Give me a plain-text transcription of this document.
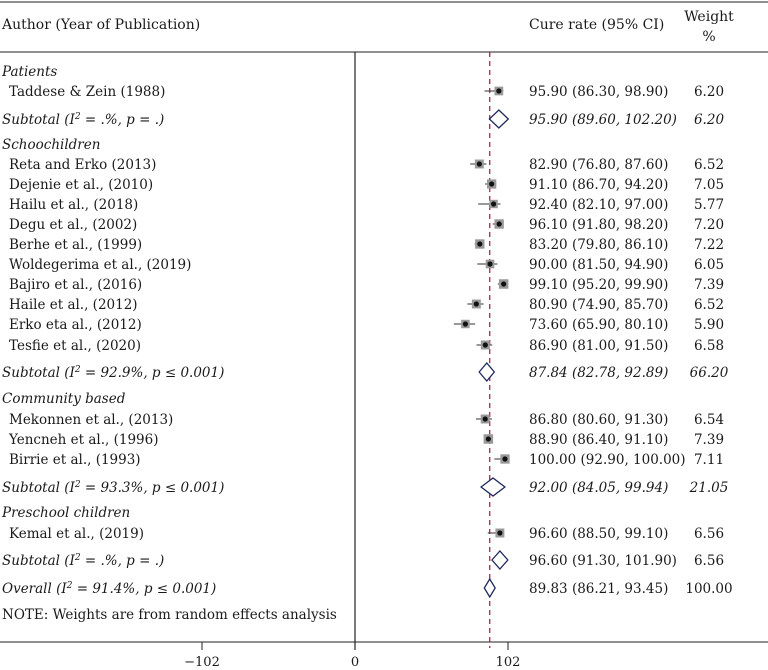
Author (Year of Publication)	Cure rate (95% CI) Weight
%
Patients
Taddese & Zein (1988)	95.90 (86.30, 98.90) 6.20
Subtotal ($I^2$ = .%, p = .)	95.90 (89.60, 102.20) 6.20
Schoochildren
Reta and Erko (2013)	82.90 (76.80, 87.60) 6.52
Dejenie et al., (2010)	91.10 (86.70, 94.20) 7.05
Hailu et al., (2018)	92.40 (82.10, 97.00) 5.77
Degu et al., (2002)	96.10 (91.80, 98.20) 7.20
Berhe et al., (1999)	83.20 (79.80, 86.10) 7.22
Woldegerima et al., (2019)	90.00 (81.50, 94.90) 6.05
Bajiro et al., (2016)	99.10 (95.20, 99.90) 7.39
Haile et al., (2012)	80.90 (74.90, 85.70) 6.52
Erko eta al., (2012)	73.60 (65.90, 80.10) 5.90
Tesfie et al., (2020)	86.90 (81.00, 91.50) 6.58
Subtotal ($I^2 = 92.9\%$, p ≤ 0.001)	87.84 (82.78, 92.89) 66.20
Community based
Mekonnen et al., (2013)	86.80 (80.60, 91.30) 6.54
Yencneh et al., (1996)	88.90 (86.40, 91.10) 7.39
Birrie et al., (1993)	100.00 (92.90, 100.00) 7.11
Subtotal ($I^2 = 93.3\%$, p ≤ 0.001)	92.00 (84.05, 99.94) 21.05
Preschool children
Kemal et al., (2019)	96.60 (88.50, 99.10) 6.56
Subtotal ($I^2$ = .%, p = .)	96.60 (91.30, 101.90) 6.56
Overall ($I^2 = 91.4\%$, p ≤ 0.001)	89.83 (86.21, 93.45) 100.00
NOTE: Weights are from random effects analysis
−102	0	102
